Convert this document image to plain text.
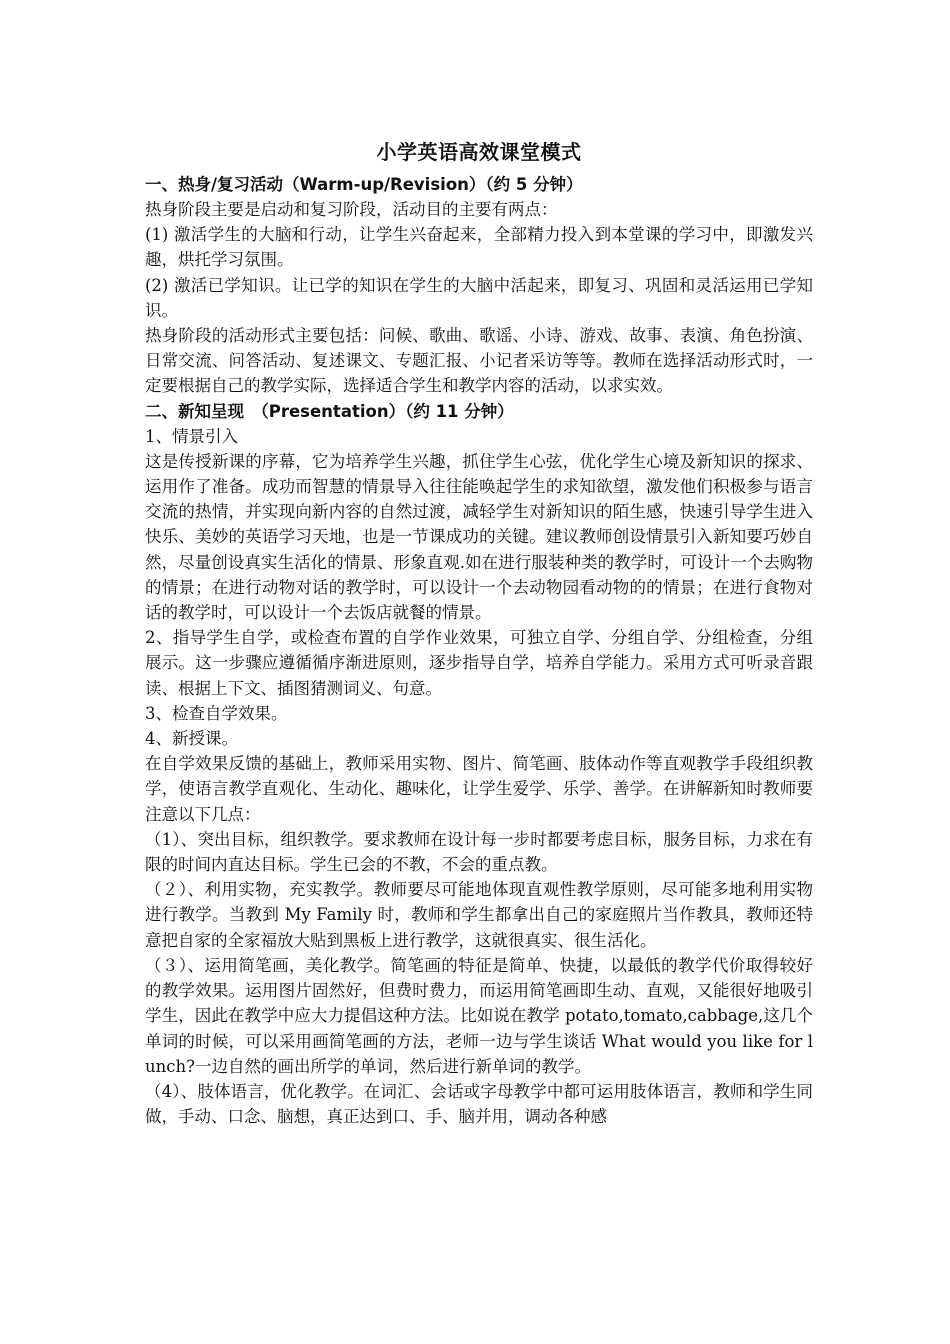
小学英语高效课堂模式

一、热身/复习活动（Warm-up/Revision）（约 5 分钟）

热身阶段主要是启动和复习阶段，活动目的主要有两点：

(1) 激活学生的大脑和行动，让学生兴奋起来，全部精力投入到本堂课的学习中，即激发兴趣，烘托学习氛围。

(2) 激活已学知识。让已学的知识在学生的大脑中活起来，即复习、巩固和灵活运用已学知识。

热身阶段的活动形式主要包括：问候、歌曲、歌谣、小诗、游戏、故事、表演、角色扮演、日常交流、问答活动、复述课文、专题汇报、小记者采访等等。教师在选择活动形式时，一定要根据自己的教学实际，选择适合学生和教学内容的活动，以求实效。

二、新知呈现　（Presentation）（约 11 分钟）

1、情景引入

这是传授新课的序幕，它为培养学生兴趣，抓住学生心弦，优化学生心境及新知识的探求、运用作了准备。成功而智慧的情景导入往往能唤起学生的求知欲望，激发他们积极参与语言交流的热情，并实现向新内容的自然过渡，减轻学生对新知识的陌生感，快速引导学生进入快乐、美妙的英语学习天地，也是一节课成功的关键。建议教师创设情景引入新知要巧妙自然，尽量创设真实生活化的情景、形象直观.如在进行服装种类的教学时，可设计一个去购物的情景；在进行动物对话的教学时，可以设计一个去动物园看动物的的情景；在进行食物对话的教学时，可以设计一个去饭店就餐的情景。

2、指导学生自学，或检查布置的自学作业效果，可独立自学、分组自学、分组检查，分组展示。这一步骤应遵循循序渐进原则，逐步指导自学，培养自学能力。采用方式可听录音跟读、根据上下文、插图猜测词义、句意。

3、检查自学效果。

4、新授课。

在自学效果反馈的基础上，教师采用实物、图片、简笔画、肢体动作等直观教学手段组织教学，使语言教学直观化、生动化、趣味化，让学生爱学、乐学、善学。在讲解新知时教师要注意以下几点：

（1）、突出目标，组织教学。要求教师在设计每一步时都要考虑目标，服务目标，力求在有限的时间内直达目标。学生已会的不教，不会的重点教。

（２）、利用实物，充实教学。教师要尽可能地体现直观性教学原则，尽可能多地利用实物进行教学。当教到 My Family 时，教师和学生都拿出自己的家庭照片当作教具，教师还特意把自家的全家福放大贴到黑板上进行教学，这就很真实、很生活化。

（３）、运用简笔画，美化教学。简笔画的特征是简单、快捷，以最低的教学代价取得较好的教学效果。运用图片固然好，但费时费力，而运用简笔画即生动、直观，又能很好地吸引学生，因此在教学中应大力提倡这种方法。比如说在教学 potato,tomato,cabbage,这几个单词的时候，可以采用画简笔画的方法，老师一边与学生谈话 What would you like for lunch?一边自然的画出所学的单词，然后进行新单词的教学。

（4）、肢体语言，优化教学。在词汇、会话或字母教学中都可运用肢体语言，教师和学生同做，手动、口念、脑想，真正达到口、手、脑并用，调动各种感
